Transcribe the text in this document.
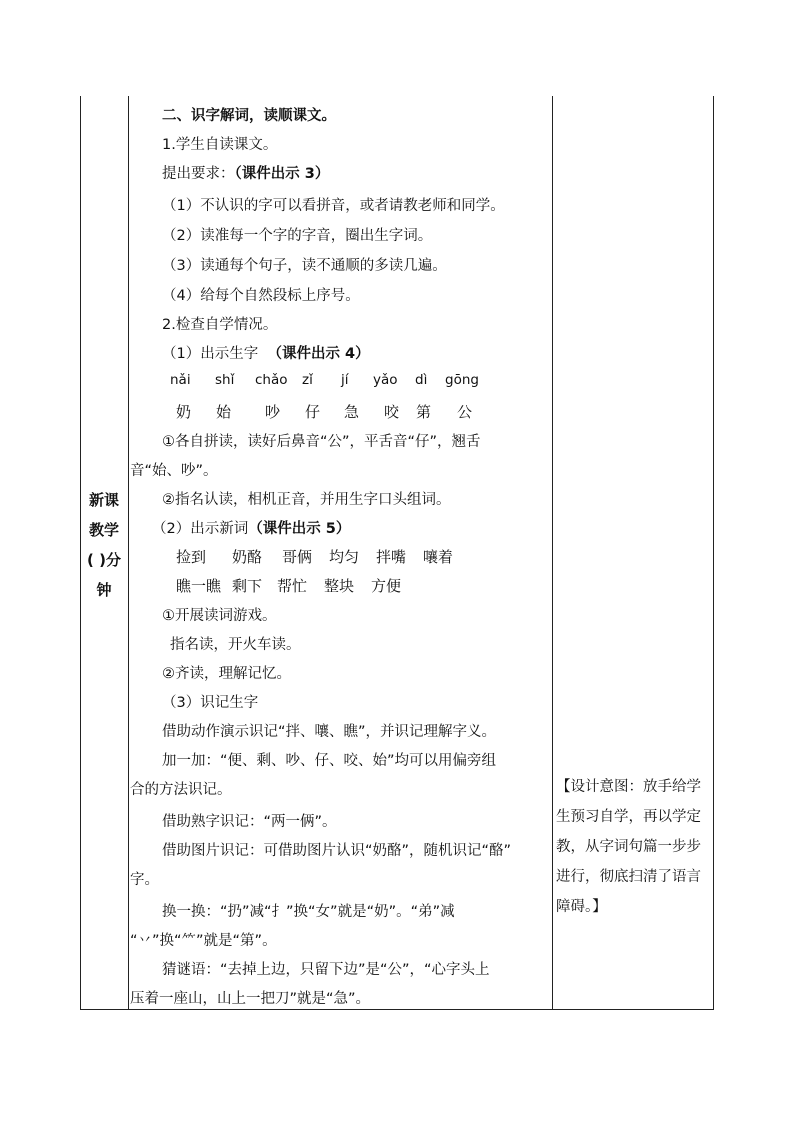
新课
教学
( )分
钟
二、识字解词，读顺课文。
1.学生自读课文。
提出要求：（课件出示 3）
（1）不认识的字可以看拼音，或者请教老师和同学。
（2）读准每一个字的字音，圈出生字词。
（3）读通每个句子，读不通顺的多读几遍。
（4）给每个自然段标上序号。
2.检查自学情况。
（1）出示生字 （课件出示 4）
nǎi shǐ chǎo zǐ jí yǎo dì gōng
奶 始 吵 仔 急 咬 第 公
①各自拼读，读好后鼻音“公”，平舌音“仔”，翘舌
音“始、吵”。
②指名认读，相机正音，并用生字口头组词。
（2）出示新词（课件出示 5）
捡到 奶酪 哥俩 均匀 拌嘴 嚷着
瞧一瞧 剩下 帮忙 整块 方便
①开展读词游戏。
指名读，开火车读。
②齐读，理解记忆。
（3）识记生字
借助动作演示识记“拌、嚷、瞧”，并识记理解字义。
加一加：“便、剩、吵、仔、咬、始”均可以用偏旁组
合的方法识记。
借助熟字识记：“两一俩”。
借助图片识记：可借助图片认识“奶酪”，随机识记“酪”
字。
换一换：“扔”减“扌”换“女”就是“奶”。“弟”减
“丷”换“⺮”就是“第”。
猜谜语：“去掉上边，只留下边”是“公”，“心字头上
压着一座山，山上一把刀”就是“急”。
【设计意图：放手给学生预习自学，再以学定教，从字词句篇一步步进行，彻底扫清了语言障碍。】
